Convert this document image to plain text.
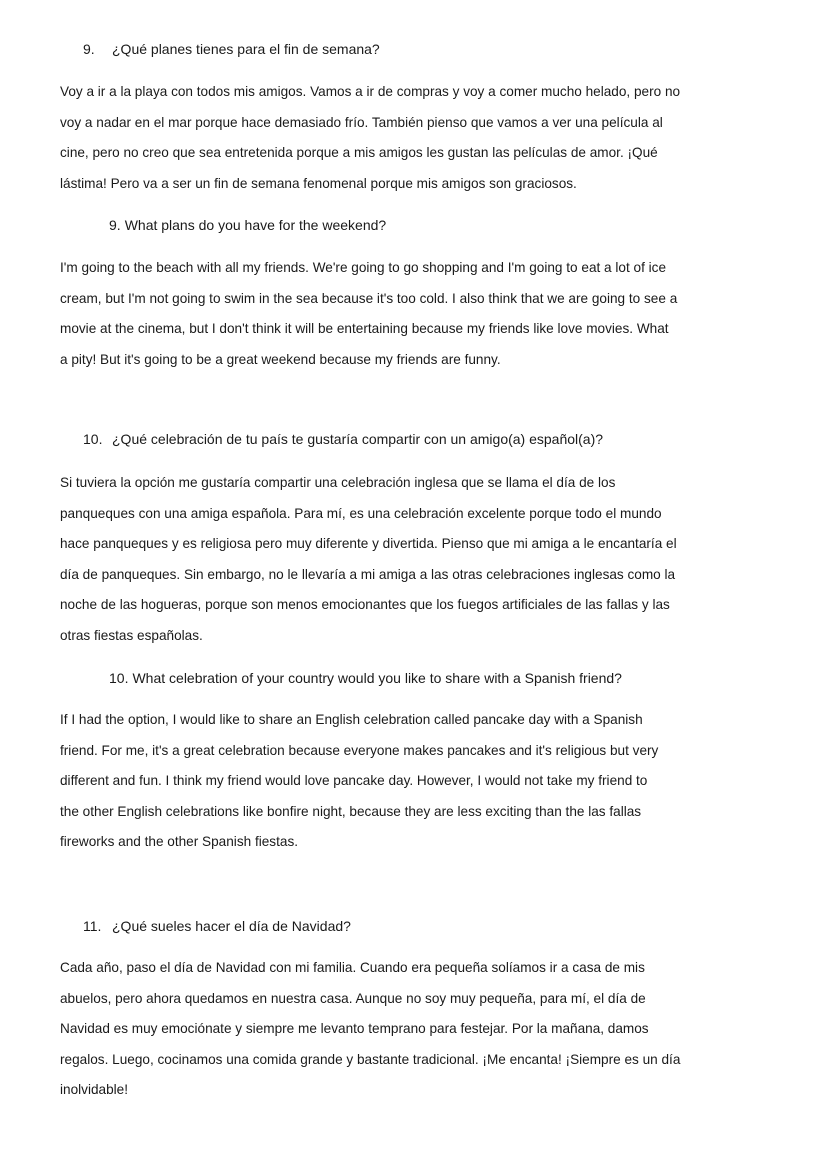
9. ¿Qué planes tienes para el fin de semana?
Voy a ir a la playa con todos mis amigos. Vamos a ir de compras y voy a comer mucho helado, pero no
voy a nadar en el mar porque hace demasiado frío. También pienso que vamos a ver una película al
cine, pero no creo que sea entretenida porque a mis amigos les gustan las películas de amor. ¡Qué
lástima! Pero va a ser un fin de semana fenomenal porque mis amigos son graciosos.
9. What plans do you have for the weekend?
I'm going to the beach with all my friends. We're going to go shopping and I'm going to eat a lot of ice
cream, but I'm not going to swim in the sea because it's too cold. I also think that we are going to see a
movie at the cinema, but I don't think it will be entertaining because my friends like love movies. What
a pity! But it's going to be a great weekend because my friends are funny.
10. ¿Qué celebración de tu país te gustaría compartir con un amigo(a) español(a)?
Si tuviera la opción me gustaría compartir una celebración inglesa que se llama el día de los
panqueques con una amiga española. Para mí, es una celebración excelente porque todo el mundo
hace panqueques y es religiosa pero muy diferente y divertida. Pienso que mi amiga a le encantaría el
día de panqueques. Sin embargo, no le llevaría a mi amiga a las otras celebraciones inglesas como la
noche de las hogueras, porque son menos emocionantes que los fuegos artificiales de las fallas y las
otras fiestas españolas.
10. What celebration of your country would you like to share with a Spanish friend?
If I had the option, I would like to share an English celebration called pancake day with a Spanish
friend. For me, it's a great celebration because everyone makes pancakes and it's religious but very
different and fun. I think my friend would love pancake day. However, I would not take my friend to
the other English celebrations like bonfire night, because they are less exciting than the las fallas
fireworks and the other Spanish fiestas.
11. ¿Qué sueles hacer el día de Navidad?
Cada año, paso el día de Navidad con mi familia. Cuando era pequeña solíamos ir a casa de mis
abuelos, pero ahora quedamos en nuestra casa. Aunque no soy muy pequeña, para mí, el día de
Navidad es muy emociónate y siempre me levanto temprano para festejar. Por la mañana, damos
regalos. Luego, cocinamos una comida grande y bastante tradicional. ¡Me encanta! ¡Siempre es un día
inolvidable!
